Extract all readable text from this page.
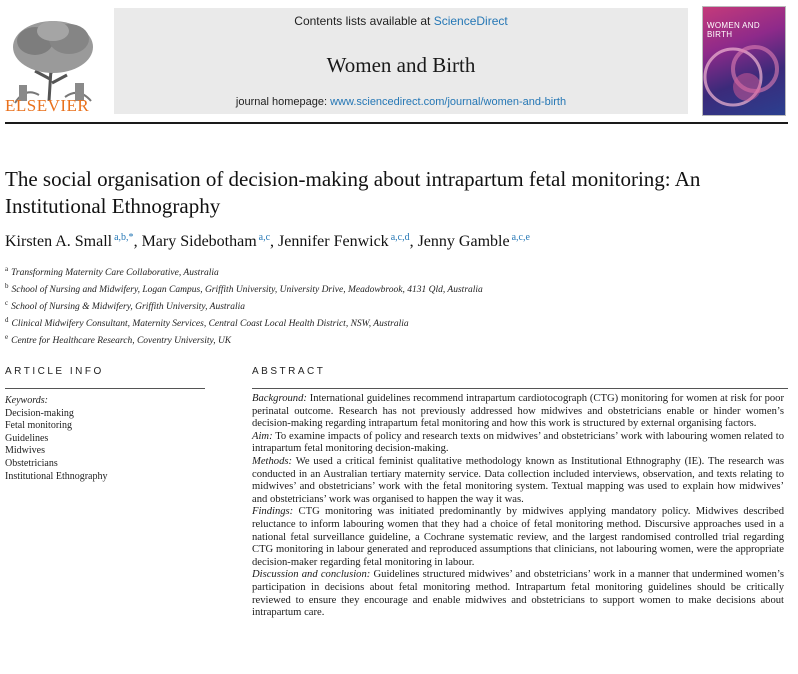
ELSEVIER
Contents lists available at ScienceDirect
Women and Birth
journal homepage: www.sciencedirect.com/journal/women-and-birth
WOMEN AND BIRTH
The social organisation of decision-making about intrapartum fetal monitoring: An Institutional Ethnography
Kirsten A. Small $^{a,b,*}$, Mary Sidebotham $^{a,c}$, Jennifer Fenwick $^{a,c,d}$, Jenny Gamble $^{a,c,e}$
$^a$ Transforming Maternity Care Collaborative, Australia
$^b$ School of Nursing and Midwifery, Logan Campus, Griffith University, University Drive, Meadowbrook, 4131 Qld, Australia
$^c$ School of Nursing & Midwifery, Griffith University, Australia
$^d$ Clinical Midwifery Consultant, Maternity Services, Central Coast Local Health District, NSW, Australia
$^e$ Centre for Healthcare Research, Coventry University, UK
ARTICLE INFO
Keywords:
Decision-making
Fetal monitoring
Guidelines
Midwives
Obstetricians
Institutional Ethnography
ABSTRACT

Background: International guidelines recommend intrapartum cardiotocograph (CTG) monitoring for women at risk for poor perinatal outcome. Research has not previously addressed how midwives and obstetricians enable or hinder women’s decision-making regarding intrapartum fetal monitoring and how this work is structured by external organising factors.

Aim: To examine impacts of policy and research texts on midwives’ and obstetricians’ work with labouring women related to intrapartum fetal monitoring decision-making.

Methods: We used a critical feminist qualitative methodology known as Institutional Ethnography (IE). The research was conducted in an Australian tertiary maternity service. Data collection included interviews, observation, and texts relating to midwives’ and obstetricians’ work with the fetal monitoring system. Textual mapping was used to explain how midwives’ and obstetricians’ work was organised to happen the way it was.

Findings: CTG monitoring was initiated predominantly by midwives applying mandatory policy. Midwives described reluctance to inform labouring women that they had a choice of fetal monitoring method. Discursive approaches used in a national fetal surveillance guideline, a Cochrane systematic review, and the largest randomised controlled trial regarding CTG monitoring in labour generated and reproduced assumptions that clinicians, not labouring women, were the appropriate decision-maker regarding fetal monitoring in labour.

Discussion and conclusion: Guidelines structured midwives’ and obstetricians’ work in a manner that undermined women’s participation in decisions about fetal monitoring method. Intrapartum fetal monitoring guidelines should be critically reviewed to ensure they encourage and enable midwives and obstetricians to support women to make decisions about intrapartum care.
